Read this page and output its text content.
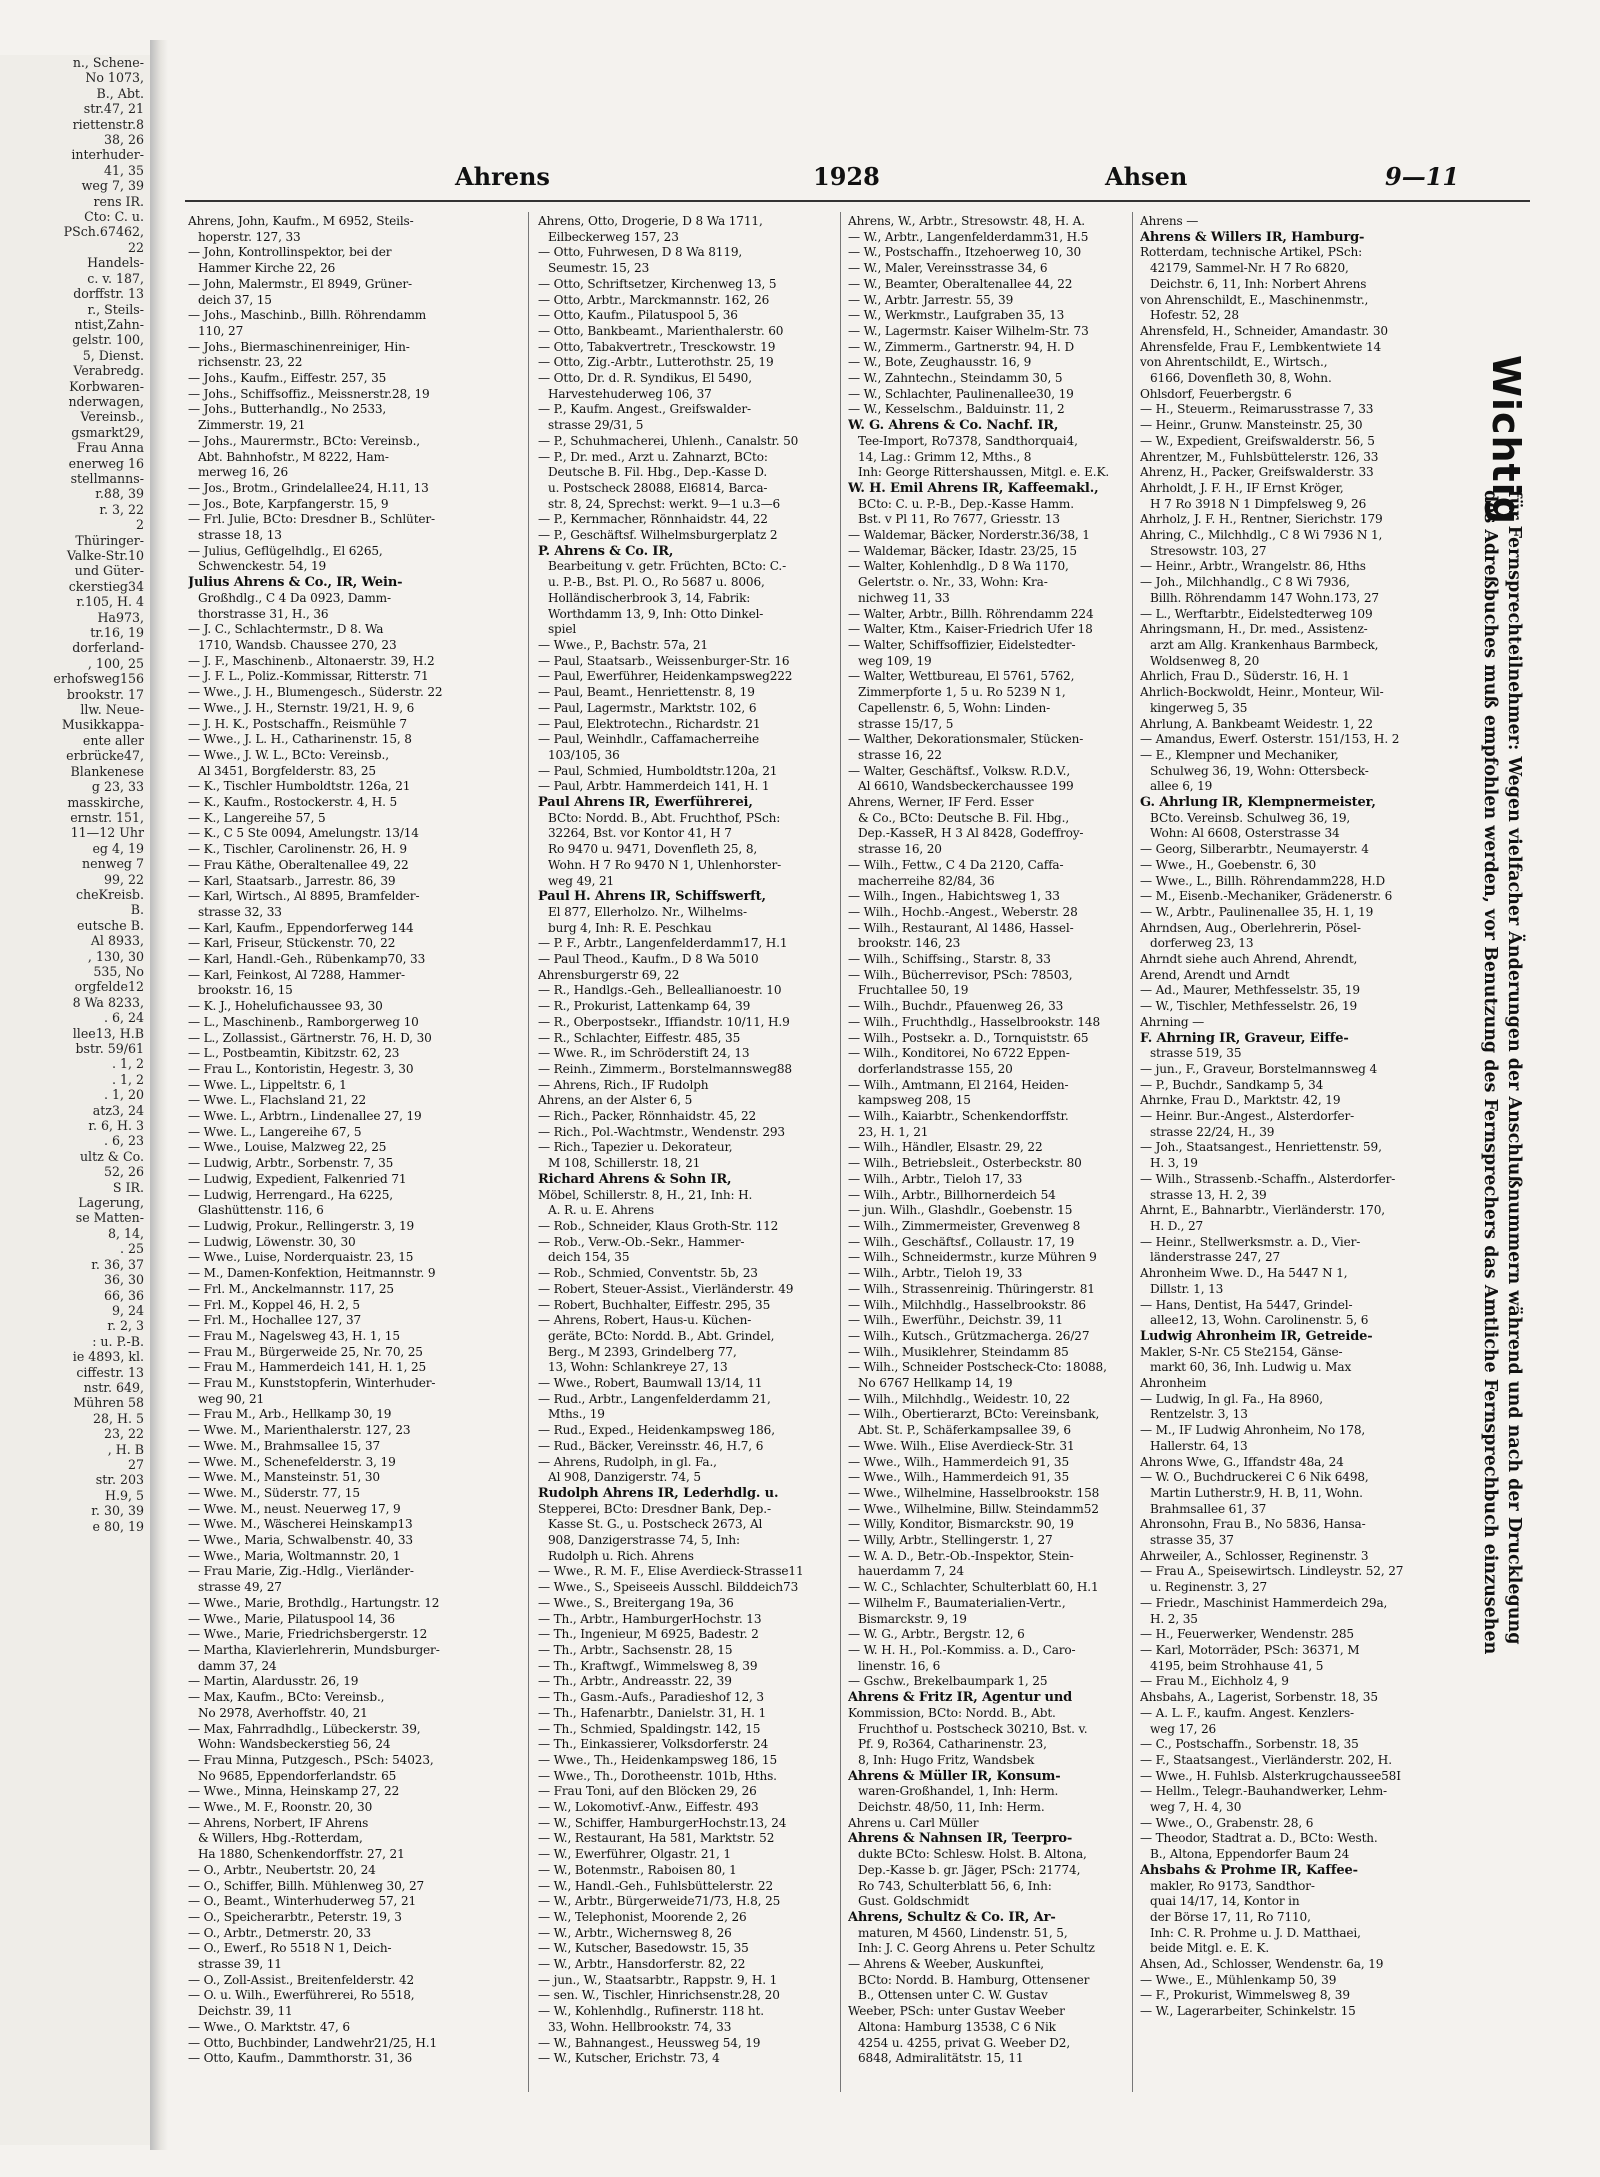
n., Schene-
No 1073,
B., Abt.
str.47, 21
riettenstr.8
38, 26
interhuder-
41, 35
weg 7, 39
rens IR.
Cto: C. u.
PSch.67462,
22
Handels-
c. v. 187,
dorffstr. 13
r., Steils-
ntist,Zahn-
gelstr. 100,
5, Dienst.
Verabredg.
Korbwaren-
nderwagen,
Vereinsb.,
gsmarkt29,
Frau Anna
enerweg 16
stellmanns-
r.88, 39
r. 3, 22
2
Thüringer-
Valke-Str.10
und Güter-
ckerstieg34
r.105, H. 4
Ha973,
tr.16, 19
dorferland-
, 100, 25
erhofsweg156
brookstr. 17
llw. Neue-
Musikkappa-
ente aller
erbrücke47,
Blankenese
g 23, 33
masskirche,
ernstr. 151,
11—12 Uhr
eg 4, 19
nenweg 7
99, 22
cheKreisb.
B.
eutsche B.
Al 8933,
, 130, 30
535, No
orgfelde12
8 Wa 8233,
. 6, 24
llee13, H.B
bstr. 59/61
. 1, 2
. 1, 2
. 1, 20
atz3, 24
r. 6, H. 3
. 6, 23
ultz & Co.
52, 26
S IR.
Lagerung,
se Matten-
8, 14,
. 25
r. 36, 37
36, 30
66, 36
9, 24
r. 2, 3
: u. P.-B.
ie 4893, kl.
ciffestr. 13
nstr. 649,
Mühren 58
28, H. 5
23, 22
, H. B
27
str. 203
H.9, 5
r. 30, 39
e 80, 19
Ahrens	1928	Ahsen	9—11
Ahrens, John, Kaufm., M 6952, Steils-
hoperstr. 127, 33
— John, Kontrollinspektor, bei der
Hammer Kirche 22, 26
— John, Malermstr., El 8949, Grüner-
deich 37, 15
— Johs., Maschinb., Billh. Röhrendamm
110, 27
— Johs., Biermaschinenreiniger, Hin-
richsenstr. 23, 22
— Johs., Kaufm., Eiffestr. 257, 35
— Johs., Schiffsoffiz., Meissnerstr.28, 19
— Johs., Butterhandlg., No 2533,
Zimmerstr. 19, 21
— Johs., Maurermstr., BCto: Vereinsb.,
Abt. Bahnhofstr., M 8222, Ham-
merweg 16, 26
— Jos., Brotm., Grindelallee24, H.11, 13
— Jos., Bote, Karpfangerstr. 15, 9
— Frl. Julie, BCto: Dresdner B., Schlüter-
strasse 18, 13
— Julius, Geflügelhdlg., El 6265,
Schwenckestr. 54, 19
Julius Ahrens & Co., IR, Wein-
Großhdlg., C 4 Da 0923, Damm-
thorstrasse 31, H., 36
— J. C., Schlachtermstr., D 8. Wa
1710, Wandsb. Chaussee 270, 23
— J. F., Maschinenb., Altonaerstr. 39, H.2
— J. F. L., Poliz.-Kommissar, Ritterstr. 71
— Wwe., J. H., Blumengesch., Süderstr. 22
— Wwe., J. H., Sternstr. 19/21, H. 9, 6
— J. H. K., Postschaffn., Reismühle 7
— Wwe., J. L. H., Catharinenstr. 15, 8
— Wwe., J. W. L., BCto: Vereinsb.,
Al 3451, Borgfelderstr. 83, 25
— K., Tischler Humboldtstr. 126a, 21
— K., Kaufm., Rostockerstr. 4, H. 5
— K., Langereihe 57, 5
— K., C 5 Ste 0094, Amelungstr. 13/14
— K., Tischler, Carolinenstr. 26, H. 9
— Frau Käthe, Oberaltenallee 49, 22
— Karl, Staatsarb., Jarrestr. 86, 39
— Karl, Wirtsch., Al 8895, Bramfelder-
strasse 32, 33
— Karl, Kaufm., Eppendorferweg 144
— Karl, Friseur, Stückenstr. 70, 22
— Karl, Handl.-Geh., Rübenkamp70, 33
— Karl, Feinkost, Al 7288, Hammer-
brookstr. 16, 15
— K. J., Hohelufichaussee 93, 30
— L., Maschinenb., Ramborgerweg 10
— L., Zollassist., Gärtnerstr. 76, H. D, 30
— L., Postbeamtin, Kibitzstr. 62, 23
— Frau L., Kontoristin, Hegestr. 3, 30
— Wwe. L., Lippeltstr. 6, 1
— Wwe. L., Flachsland 21, 22
— Wwe. L., Arbtrn., Lindenallee 27, 19
— Wwe. L., Langereihe 67, 5
— Wwe., Louise, Malzweg 22, 25
— Ludwig, Arbtr., Sorbenstr. 7, 35
— Ludwig, Expedient, Falkenried 71
— Ludwig, Herrengard., Ha 6225,
Glashüttenstr. 116, 6
— Ludwig, Prokur., Rellingerstr. 3, 19
— Ludwig, Löwenstr. 30, 30
— Wwe., Luise, Norderquaistr. 23, 15
— M., Damen-Konfektion, Heitmannstr. 9
— Frl. M., Anckelmannstr. 117, 25
— Frl. M., Koppel 46, H. 2, 5
— Frl. M., Hochallee 127, 37
— Frau M., Nagelsweg 43, H. 1, 15
— Frau M., Bürgerweide 25, Nr. 70, 25
— Frau M., Hammerdeich 141, H. 1, 25
— Frau M., Kunststopferin, Winterhuder-
weg 90, 21
— Frau M., Arb., Hellkamp 30, 19
— Wwe. M., Marienthalerstr. 127, 23
— Wwe. M., Brahmsallee 15, 37
— Wwe. M., Schenefelderstr. 3, 19
— Wwe. M., Mansteinstr. 51, 30
— Wwe. M., Süderstr. 77, 15
— Wwe. M., neust. Neuerweg 17, 9
— Wwe. M., Wäscherei Heinskamp13
— Wwe., Maria, Schwalbenstr. 40, 33
— Wwe., Maria, Woltmannstr. 20, 1
— Frau Marie, Zig.-Hdlg., Vierländer-
strasse 49, 27
— Wwe., Marie, Brothdlg., Hartungstr. 12
— Wwe., Marie, Pilatuspool 14, 36
— Wwe., Marie, Friedrichsbergerstr. 12
— Martha, Klavierlehrerin, Mundsburger-
damm 37, 24
— Martin, Alardusstr. 26, 19
— Max, Kaufm., BCto: Vereinsb.,
No 2978, Averhoffstr. 40, 21
— Max, Fahrradhdlg., Lübeckerstr. 39,
Wohn: Wandsbeckerstieg 56, 24
— Frau Minna, Putzgesch., PSch: 54023,
No 9685, Eppendorferlandstr. 65
— Wwe., Minna, Heinskamp 27, 22
— Wwe., M. F., Roonstr. 20, 30
— Ahrens, Norbert, IF Ahrens
& Willers, Hbg.-Rotterdam,
Ha 1880, Schenkendorffstr. 27, 21
— O., Arbtr., Neubertstr. 20, 24
— O., Schiffer, Billh. Mühlenweg 30, 27
— O., Beamt., Winterhuderweg 57, 21
— O., Speicherarbtr., Peterstr. 19, 3
— O., Arbtr., Detmerstr. 20, 33
— O., Ewerf., Ro 5518 N 1, Deich-
strasse 39, 11
— O., Zoll-Assist., Breitenfelderstr. 42
— O. u. Wilh., Ewerführerei, Ro 5518,
Deichstr. 39, 11
— Wwe., O. Marktstr. 47, 6
— Otto, Buchbinder, Landwehr21/25, H.1
— Otto, Kaufm., Dammthorstr. 31, 36
Ahrens, Otto, Drogerie, D 8 Wa 1711,
Eilbeckerweg 157, 23
— Otto, Fuhrwesen, D 8 Wa 8119,
Seumestr. 15, 23
— Otto, Schriftsetzer, Kirchenweg 13, 5
— Otto, Arbtr., Marckmannstr. 162, 26
— Otto, Kaufm., Pilatuspool 5, 36
— Otto, Bankbeamt., Marienthalerstr. 60
— Otto, Tabakvertretr., Tresckowstr. 19
— Otto, Zig.-Arbtr., Lutterothstr. 25, 19
— Otto, Dr. d. R. Syndikus, El 5490,
Harvestehuderweg 106, 37
— P., Kaufm. Angest., Greifswalder-
strasse 29/31, 5
— P., Schuhmacherei, Uhlenh., Canalstr. 50
— P., Dr. med., Arzt u. Zahnarzt, BCto:
Deutsche B. Fil. Hbg., Dep.-Kasse D.
u. Postscheck 28088, El6814, Barca-
str. 8, 24, Sprechst: werkt. 9—1 u.3—6
— P., Kernmacher, Rönnhaidstr. 44, 22
— P., Geschäftsf. Wilhelmsburgerplatz 2
P. Ahrens & Co. IR,
Bearbeitung v. getr. Früchten, BCto: C.-
u. P.-B., Bst. Pl. O., Ro 5687 u. 8006,
Holländischerbrook 3, 14, Fabrik:
Worthdamm 13, 9, Inh: Otto Dinkel-
spiel
— Wwe., P., Bachstr. 57a, 21
— Paul, Staatsarb., Weissenburger-Str. 16
— Paul, Ewerführer, Heidenkampsweg222
— Paul, Beamt., Henriettenstr. 8, 19
— Paul, Lagermstr., Marktstr. 102, 6
— Paul, Elektrotechn., Richardstr. 21
— Paul, Weinhdlr., Caffamacherreihe
103/105, 36
— Paul, Schmied, Humboldtstr.120a, 21
— Paul, Arbtr. Hammerdeich 141, H. 1
Paul Ahrens IR, Ewerführerei,
BCto: Nordd. B., Abt. Fruchthof, PSch:
32264, Bst. vor Kontor 41, H 7
Ro 9470 u. 9471, Dovenfleth 25, 8,
Wohn. H 7 Ro 9470 N 1, Uhlenhorster-
weg 49, 21
Paul H. Ahrens IR, Schiffswerft,
El 877, Ellerholzo. Nr., Wilhelms-
burg 4, Inh: R. E. Peschkau
— P. F., Arbtr., Langenfelderdamm17, H.1
— Paul Theod., Kaufm., D 8 Wa 5010
Ahrensburgerstr 69, 22
— R., Handlgs.-Geh., Belleallianoestr. 10
— R., Prokurist, Lattenkamp 64, 39
— R., Oberpostsekr., Iffiandstr. 10/11, H.9
— R., Schlachter, Eiffestr. 485, 35
— Wwe. R., im Schröderstift 24, 13
— Reinh., Zimmerm., Borstelmannsweg88
— Ahrens, Rich., IF Rudolph
Ahrens, an der Alster 6, 5
— Rich., Packer, Rönnhaidstr. 45, 22
— Rich., Pol.-Wachtmstr., Wendenstr. 293
— Rich., Tapezier u. Dekorateur,
M 108, Schillerstr. 18, 21
Richard Ahrens & Sohn IR,
Möbel, Schillerstr. 8, H., 21, Inh: H.
A. R. u. E. Ahrens
— Rob., Schneider, Klaus Groth-Str. 112
— Rob., Verw.-Ob.-Sekr., Hammer-
deich 154, 35
— Rob., Schmied, Conventstr. 5b, 23
— Robert, Steuer-Assist., Vierländerstr. 49
— Robert, Buchhalter, Eiffestr. 295, 35
— Ahrens, Robert, Haus-u. Küchen-
geräte, BCto: Nordd. B., Abt. Grindel,
Berg., M 2393, Grindelberg 77,
13, Wohn: Schlankreye 27, 13
— Wwe., Robert, Baumwall 13/14, 11
— Rud., Arbtr., Langenfelderdamm 21,
Mths., 19
— Rud., Exped., Heidenkampsweg 186,
— Rud., Bäcker, Vereinsstr. 46, H.7, 6
— Ahrens, Rudolph, in gl. Fa.,
Al 908, Danzigerstr. 74, 5
Rudolph Ahrens IR, Lederhdlg. u.
Stepperei, BCto: Dresdner Bank, Dep.-
Kasse St. G., u. Postscheck 2673, Al
908, Danzigerstrasse 74, 5, Inh:
Rudolph u. Rich. Ahrens
— Wwe., R. M. F., Elise Averdieck-Strasse11
— Wwe., S., Speiseeis Ausschl. Bilddeich73
— Wwe., S., Breitergang 19a, 36
— Th., Arbtr., HamburgerHochstr. 13
— Th., Ingenieur, M 6925, Badestr. 2
— Th., Arbtr., Sachsenstr. 28, 15
— Th., Kraftwgf., Wimmelsweg 8, 39
— Th., Arbtr., Andreasstr. 22, 39
— Th., Gasm.-Aufs., Paradieshof 12, 3
— Th., Hafenarbtr., Danielstr. 31, H. 1
— Th., Schmied, Spaldingstr. 142, 15
— Th., Einkassierer, Volksdorferstr. 24
— Wwe., Th., Heidenkampsweg 186, 15
— Wwe., Th., Dorotheenstr. 101b, Hths.
— Frau Toni, auf den Blöcken 29, 26
— W., Lokomotivf.-Anw., Eiffestr. 493
— W., Schiffer, HamburgerHochstr.13, 24
— W., Restaurant, Ha 581, Marktstr. 52
— W., Ewerführer, Olgastr. 21, 1
— W., Botenmstr., Raboisen 80, 1
— W., Handl.-Geh., Fuhlsbüttelerstr. 22
— W., Arbtr., Bürgerweide71/73, H.8, 25
— W., Telephonist, Moorende 2, 26
— W., Arbtr., Wichernsweg 8, 26
— W., Kutscher, Basedowstr. 15, 35
— W., Arbtr., Hansdorferstr. 82, 22
— jun., W., Staatsarbtr., Rappstr. 9, H. 1
— sen. W., Tischler, Hinrichsenstr.28, 20
— W., Kohlenhdlg., Rufinerstr. 118 ht.
33, Wohn. Hellbrookstr. 74, 33
— W., Bahnangest., Heussweg 54, 19
— W., Kutscher, Erichstr. 73, 4
Ahrens, W., Arbtr., Stresowstr. 48, H. A.
— W., Arbtr., Langenfelderdamm31, H.5
— W., Postschaffn., Itzehoerweg 10, 30
— W., Maler, Vereinsstrasse 34, 6
— W., Beamter, Oberaltenallee 44, 22
— W., Arbtr. Jarrestr. 55, 39
— W., Werkmstr., Laufgraben 35, 13
— W., Lagermstr. Kaiser Wilhelm-Str. 73
— W., Zimmerm., Gartnerstr. 94, H. D
— W., Bote, Zeughausstr. 16, 9
— W., Zahntechn., Steindamm 30, 5
— W., Schlachter, Paulinenallee30, 19
— W., Kesselschm., Balduinstr. 11, 2
W. G. Ahrens & Co. Nachf. IR,
Tee-Import, Ro7378, Sandthorquai4,
14, Lag.: Grimm 12, Mths., 8
Inh: George Rittershaussen, Mitgl. e. E.K.
W. H. Emil Ahrens IR, Kaffeemakl.,
BCto: C. u. P.-B., Dep.-Kasse Hamm.
Bst. v Pl 11, Ro 7677, Griesstr. 13
— Waldemar, Bäcker, Norderstr.36/38, 1
— Waldemar, Bäcker, Idastr. 23/25, 15
— Walter, Kohlenhdlg., D 8 Wa 1170,
Gelertstr. o. Nr., 33, Wohn: Kra-
nichweg 11, 33
— Walter, Arbtr., Billh. Röhrendamm 224
— Walter, Ktm., Kaiser-Friedrich Ufer 18
— Walter, Schiffsoffizier, Eidelstedter-
weg 109, 19
— Walter, Wettbureau, El 5761, 5762,
Zimmerpforte 1, 5 u. Ro 5239 N 1,
Capellenstr. 6, 5, Wohn: Linden-
strasse 15/17, 5
— Walther, Dekorationsmaler, Stücken-
strasse 16, 22
— Walter, Geschäftsf., Volksw. R.D.V.,
Al 6610, Wandsbeckerchaussee 199
Ahrens, Werner, IF Ferd. Esser
& Co., BCto: Deutsche B. Fil. Hbg.,
Dep.-KasseR, H 3 Al 8428, Godeffroy-
strasse 16, 20
— Wilh., Fettw., C 4 Da 2120, Caffa-
macherreihe 82/84, 36
— Wilh., Ingen., Habichtsweg 1, 33
— Wilh., Hochb.-Angest., Weberstr. 28
— Wilh., Restaurant, Al 1486, Hassel-
brookstr. 146, 23
— Wilh., Schiffsing., Starstr. 8, 33
— Wilh., Bücherrevisor, PSch: 78503,
Fruchtallee 50, 19
— Wilh., Buchdr., Pfauenweg 26, 33
— Wilh., Fruchthdlg., Hasselbrookstr. 148
— Wilh., Postsekr. a. D., Tornquiststr. 65
— Wilh., Konditorei, No 6722 Eppen-
dorferlandstrasse 155, 20
— Wilh., Amtmann, El 2164, Heiden-
kampsweg 208, 15
— Wilh., Kaiarbtr., Schenkendorffstr.
23, H. 1, 21
— Wilh., Händler, Elsastr. 29, 22
— Wilh., Betriebsleit., Osterbeckstr. 80
— Wilh., Arbtr., Tieloh 17, 33
— Wilh., Arbtr., Billhornerdeich 54
— jun. Wilh., Glashdlr., Goebenstr. 15
— Wilh., Zimmermeister, Grevenweg 8
— Wilh., Geschäftsf., Collaustr. 17, 19
— Wilh., Schneidermstr., kurze Mühren 9
— Wilh., Arbtr., Tieloh 19, 33
— Wilh., Strassenreinig. Thüringerstr. 81
— Wilh., Milchhdlg., Hasselbrookstr. 86
— Wilh., Ewerführ., Deichstr. 39, 11
— Wilh., Kutsch., Grützmacherga. 26/27
— Wilh., Musiklehrer, Steindamm 85
— Wilh., Schneider Postscheck-Cto: 18088,
No 6767 Hellkamp 14, 19
— Wilh., Milchhdlg., Weidestr. 10, 22
— Wilh., Obertierarzt, BCto: Vereinsbank,
Abt. St. P., Schäferkampsallee 39, 6
— Wwe. Wilh., Elise Averdieck-Str. 31
— Wwe., Wilh., Hammerdeich 91, 35
— Wwe., Wilh., Hammerdeich 91, 35
— Wwe., Wilhelmine, Hasselbrookstr. 158
— Wwe., Wilhelmine, Billw. Steindamm52
— Willy, Konditor, Bismarckstr. 90, 19
— Willy, Arbtr., Stellingerstr. 1, 27
— W. A. D., Betr.-Ob.-Inspektor, Stein-
hauerdamm 7, 24
— W. C., Schlachter, Schulterblatt 60, H.1
— Wilhelm F., Baumaterialien-Vertr.,
Bismarckstr. 9, 19
— W. G., Arbtr., Bergstr. 12, 6
— W. H. H., Pol.-Kommiss. a. D., Caro-
linenstr. 16, 6
— Gschw., Brekelbaumpark 1, 25
Ahrens & Fritz IR, Agentur und
Kommission, BCto: Nordd. B., Abt.
Fruchthof u. Postscheck 30210, Bst. v.
Pf. 9, Ro364, Catharinenstr. 23,
8, Inh: Hugo Fritz, Wandsbek
Ahrens & Müller IR, Konsum-
waren-Großhandel, 1, Inh: Herm.
Deichstr. 48/50, 11, Inh: Herm.
Ahrens u. Carl Müller
Ahrens & Nahnsen IR, Teerpro-
dukte BCto: Schlesw. Holst. B. Altona,
Dep.-Kasse b. gr. Jäger, PSch: 21774,
Ro 743, Schulterblatt 56, 6, Inh:
Gust. Goldschmidt
Ahrens, Schultz & Co. IR, Ar-
maturen, M 4560, Lindenstr. 51, 5,
Inh: J. C. Georg Ahrens u. Peter Schultz
— Ahrens & Weeber, Auskunftei,
BCto: Nordd. B. Hamburg, Ottensener
B., Ottensen unter C. W. Gustav
Weeber, PSch: unter Gustav Weeber
Altona: Hamburg 13538, C 6 Nik
4254 u. 4255, privat G. Weeber D2,
6848, Admiralitätstr. 15, 11
Ahrens —
Ahrens & Willers IR, Hamburg-
Rotterdam, technische Artikel, PSch:
42179, Sammel-Nr. H 7 Ro 6820,
Deichstr. 6, 11, Inh: Norbert Ahrens
von Ahrenschildt, E., Maschinenmstr.,
Hofestr. 52, 28
Ahrensfeld, H., Schneider, Amandastr. 30
Ahrensfelde, Frau F., Lembkentwiete 14
von Ahrentschildt, E., Wirtsch.,
6166, Dovenfleth 30, 8, Wohn.
Ohlsdorf, Feuerbergstr. 6
— H., Steuerm., Reimarusstrasse 7, 33
— Heinr., Grunw. Mansteinstr. 25, 30
— W., Expedient, Greifswalderstr. 56, 5
Ahrentzer, M., Fuhlsbüttelerstr. 126, 33
Ahrenz, H., Packer, Greifswalderstr. 33
Ahrholdt, J. F. H., IF Ernst Kröger,
H 7 Ro 3918 N 1 Dimpfelsweg 9, 26
Ahrholz, J. F. H., Rentner, Sierichstr. 179
Ahring, C., Milchhdlg., C 8 Wi 7936 N 1,
Stresowstr. 103, 27
— Heinr., Arbtr., Wrangelstr. 86, Hths
— Joh., Milchhandlg., C 8 Wi 7936,
Billh. Röhrendamm 147 Wohn.173, 27
— L., Werftarbtr., Eidelstedterweg 109
Ahringsmann, H., Dr. med., Assistenz-
arzt am Allg. Krankenhaus Barmbeck,
Woldsenweg 8, 20
Ahrlich, Frau D., Süderstr. 16, H. 1
Ahrlich-Bockwoldt, Heinr., Monteur, Wil-
kingerweg 5, 35
Ahrlung, A. Bankbeamt Weidestr. 1, 22
— Amandus, Ewerf. Osterstr. 151/153, H. 2
— E., Klempner und Mechaniker,
Schulweg 36, 19, Wohn: Ottersbeck-
allee 6, 19
G. Ahrlung IR, Klempnermeister,
BCto. Vereinsb. Schulweg 36, 19,
Wohn: Al 6608, Osterstrasse 34
— Georg, Silberarbtr., Neumayerstr. 4
— Wwe., H., Goebenstr. 6, 30
— Wwe., L., Billh. Röhrendamm228, H.D
— M., Eisenb.-Mechaniker, Grädenerstr. 6
— W., Arbtr., Paulinenallee 35, H. 1, 19
Ahrndsen, Aug., Oberlehrerin, Pösel-
dorferweg 23, 13
Ahrndt siehe auch Ahrend, Ahrendt,
Arend, Arendt und Arndt
— Ad., Maurer, Methfesselstr. 35, 19
— W., Tischler, Methfesselstr. 26, 19
Ahrning —
F. Ahrning IR, Graveur, Eiffe-
strasse 519, 35
— jun., F., Graveur, Borstelmannsweg 4
— P., Buchdr., Sandkamp 5, 34
Ahrnke, Frau D., Marktstr. 42, 19
— Heinr. Bur.-Angest., Alsterdorfer-
strasse 22/24, H., 39
— Joh., Staatsangest., Henriettenstr. 59,
H. 3, 19
— Wilh., Strassenb.-Schaffn., Alsterdorfer-
strasse 13, H. 2, 39
Ahrnt, E., Bahnarbtr., Vierländerstr. 170,
H. D., 27
— Heinr., Stellwerksmstr. a. D., Vier-
länderstrasse 247, 27
Ahronheim Wwe. D., Ha 5447 N 1,
Dillstr. 1, 13
— Hans, Dentist, Ha 5447, Grindel-
allee12, 13, Wohn. Carolinenstr. 5, 6
Ludwig Ahronheim IR, Getreide-
Makler, S-Nr. C5 Ste2154, Gänse-
markt 60, 36, Inh. Ludwig u. Max
Ahronheim
— Ludwig, In gl. Fa., Ha 8960,
Rentzelstr. 3, 13
— M., IF Ludwig Ahronheim, No 178,
Hallerstr. 64, 13
Ahrons Wwe, G., Iffandstr 48a, 24
— W. O., Buchdruckerei C 6 Nik 6498,
Martin Lutherstr.9, H. B, 11, Wohn.
Brahmsallee 61, 37
Ahronsohn, Frau B., No 5836, Hansa-
strasse 35, 37
Ahrweiler, A., Schlosser, Reginenstr. 3
— Frau A., Speisewirtsch. Lindleystr. 52, 27
u. Reginenstr. 3, 27
— Friedr., Maschinist Hammerdeich 29a,
H. 2, 35
— H., Feuerwerker, Wendenstr. 285
— Karl, Motorräder, PSch: 36371, M
4195, beim Strohhause 41, 5
— Frau M., Eichholz 4, 9
Ahsbahs, A., Lagerist, Sorbenstr. 18, 35
— A. L. F., kaufm. Angest. Kenzlers-
weg 17, 26
— C., Postschaffn., Sorbenstr. 18, 35
— F., Staatsangest., Vierländerstr. 202, H.
— Wwe., H. Fuhlsb. Alsterkrugchaussee58I
— Hellm., Telegr.-Bauhandwerker, Lehm-
weg 7, H. 4, 30
— Wwe., O., Grabenstr. 28, 6
— Theodor, Stadtrat a. D., BCto: Westh.
B., Altona, Eppendorfer Baum 24
Ahsbahs & Prohme IR, Kaffee-
makler, Ro 9173, Sandthor-
quai 14/17, 14, Kontor in
der Börse 17, 11, Ro 7110,
Inh: C. R. Prohme u. J. D. Matthaei,
beide Mitgl. e. E. K.
Ahsen, Ad., Schlosser, Wendenstr. 6a, 19
— Wwe., E., Mühlenkamp 50, 39
— F., Prokurist, Wimmelsweg 8, 39
— W., Lagerarbeiter, Schinkelstr. 15
Wichtig
für Fernsprechteilnehmer: Wegen vielfacher Änderungen der Anschlußnummern während und nach der Drucklegung
des Adreßbuches muß empfohlen werden, vor Benutzung des Fernsprechers das Amtliche Fernsprechbuch einzusehen
